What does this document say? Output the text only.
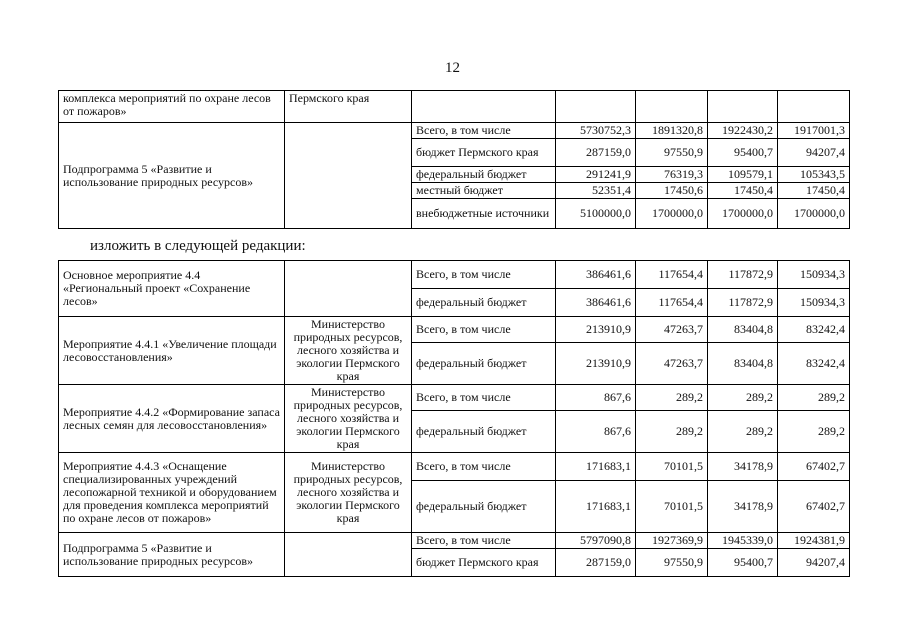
12
комплекса мероприятий по охране лесов от пожаров»	Пермского края					
Подпрограмма 5 «Развитие и использование природных ресурсов»		Всего, в том числе	5730752,3	1891320,8	1922430,2	1917001,3
		бюджет Пермского края	287159,0	97550,9	95400,7	94207,4
		федеральный бюджет	291241,9	76319,3	109579,1	105343,5
		местный бюджет	52351,4	17450,6	17450,4	17450,4
		внебюджетные источники	5100000,0	1700000,0	1700000,0	1700000,0
изложить в следующей редакции:
Основное мероприятие 4.4 «Региональный проект «Сохранение лесов»		Всего, в том числе	386461,6	117654,4	117872,9	150934,3
		федеральный бюджет	386461,6	117654,4	117872,9	150934,3
Мероприятие 4.4.1 «Увеличение площади лесовосстановления»	Министерство природных ресурсов, лесного хозяйства и экологии Пермского края	Всего, в том числе	213910,9	47263,7	83404,8	83242,4
		федеральный бюджет	213910,9	47263,7	83404,8	83242,4
Мероприятие 4.4.2 «Формирование запаса лесных семян для лесовосстановления»	Министерство природных ресурсов, лесного хозяйства и экологии Пермского края	Всего, в том числе	867,6	289,2	289,2	289,2
		федеральный бюджет	867,6	289,2	289,2	289,2
Мероприятие 4.4.3 «Оснащение специализированных учреждений лесопожарной техникой и оборудованием для проведения комплекса мероприятий по охране лесов от пожаров»	Министерство природных ресурсов, лесного хозяйства и экологии Пермского края	Всего, в том числе	171683,1	70101,5	34178,9	67402,7
		федеральный бюджет	171683,1	70101,5	34178,9	67402,7
Подпрограмма 5 «Развитие и использование природных ресурсов»		Всего, в том числе	5797090,8	1927369,9	1945339,0	1924381,9
		бюджет Пермского края	287159,0	97550,9	95400,7	94207,4
